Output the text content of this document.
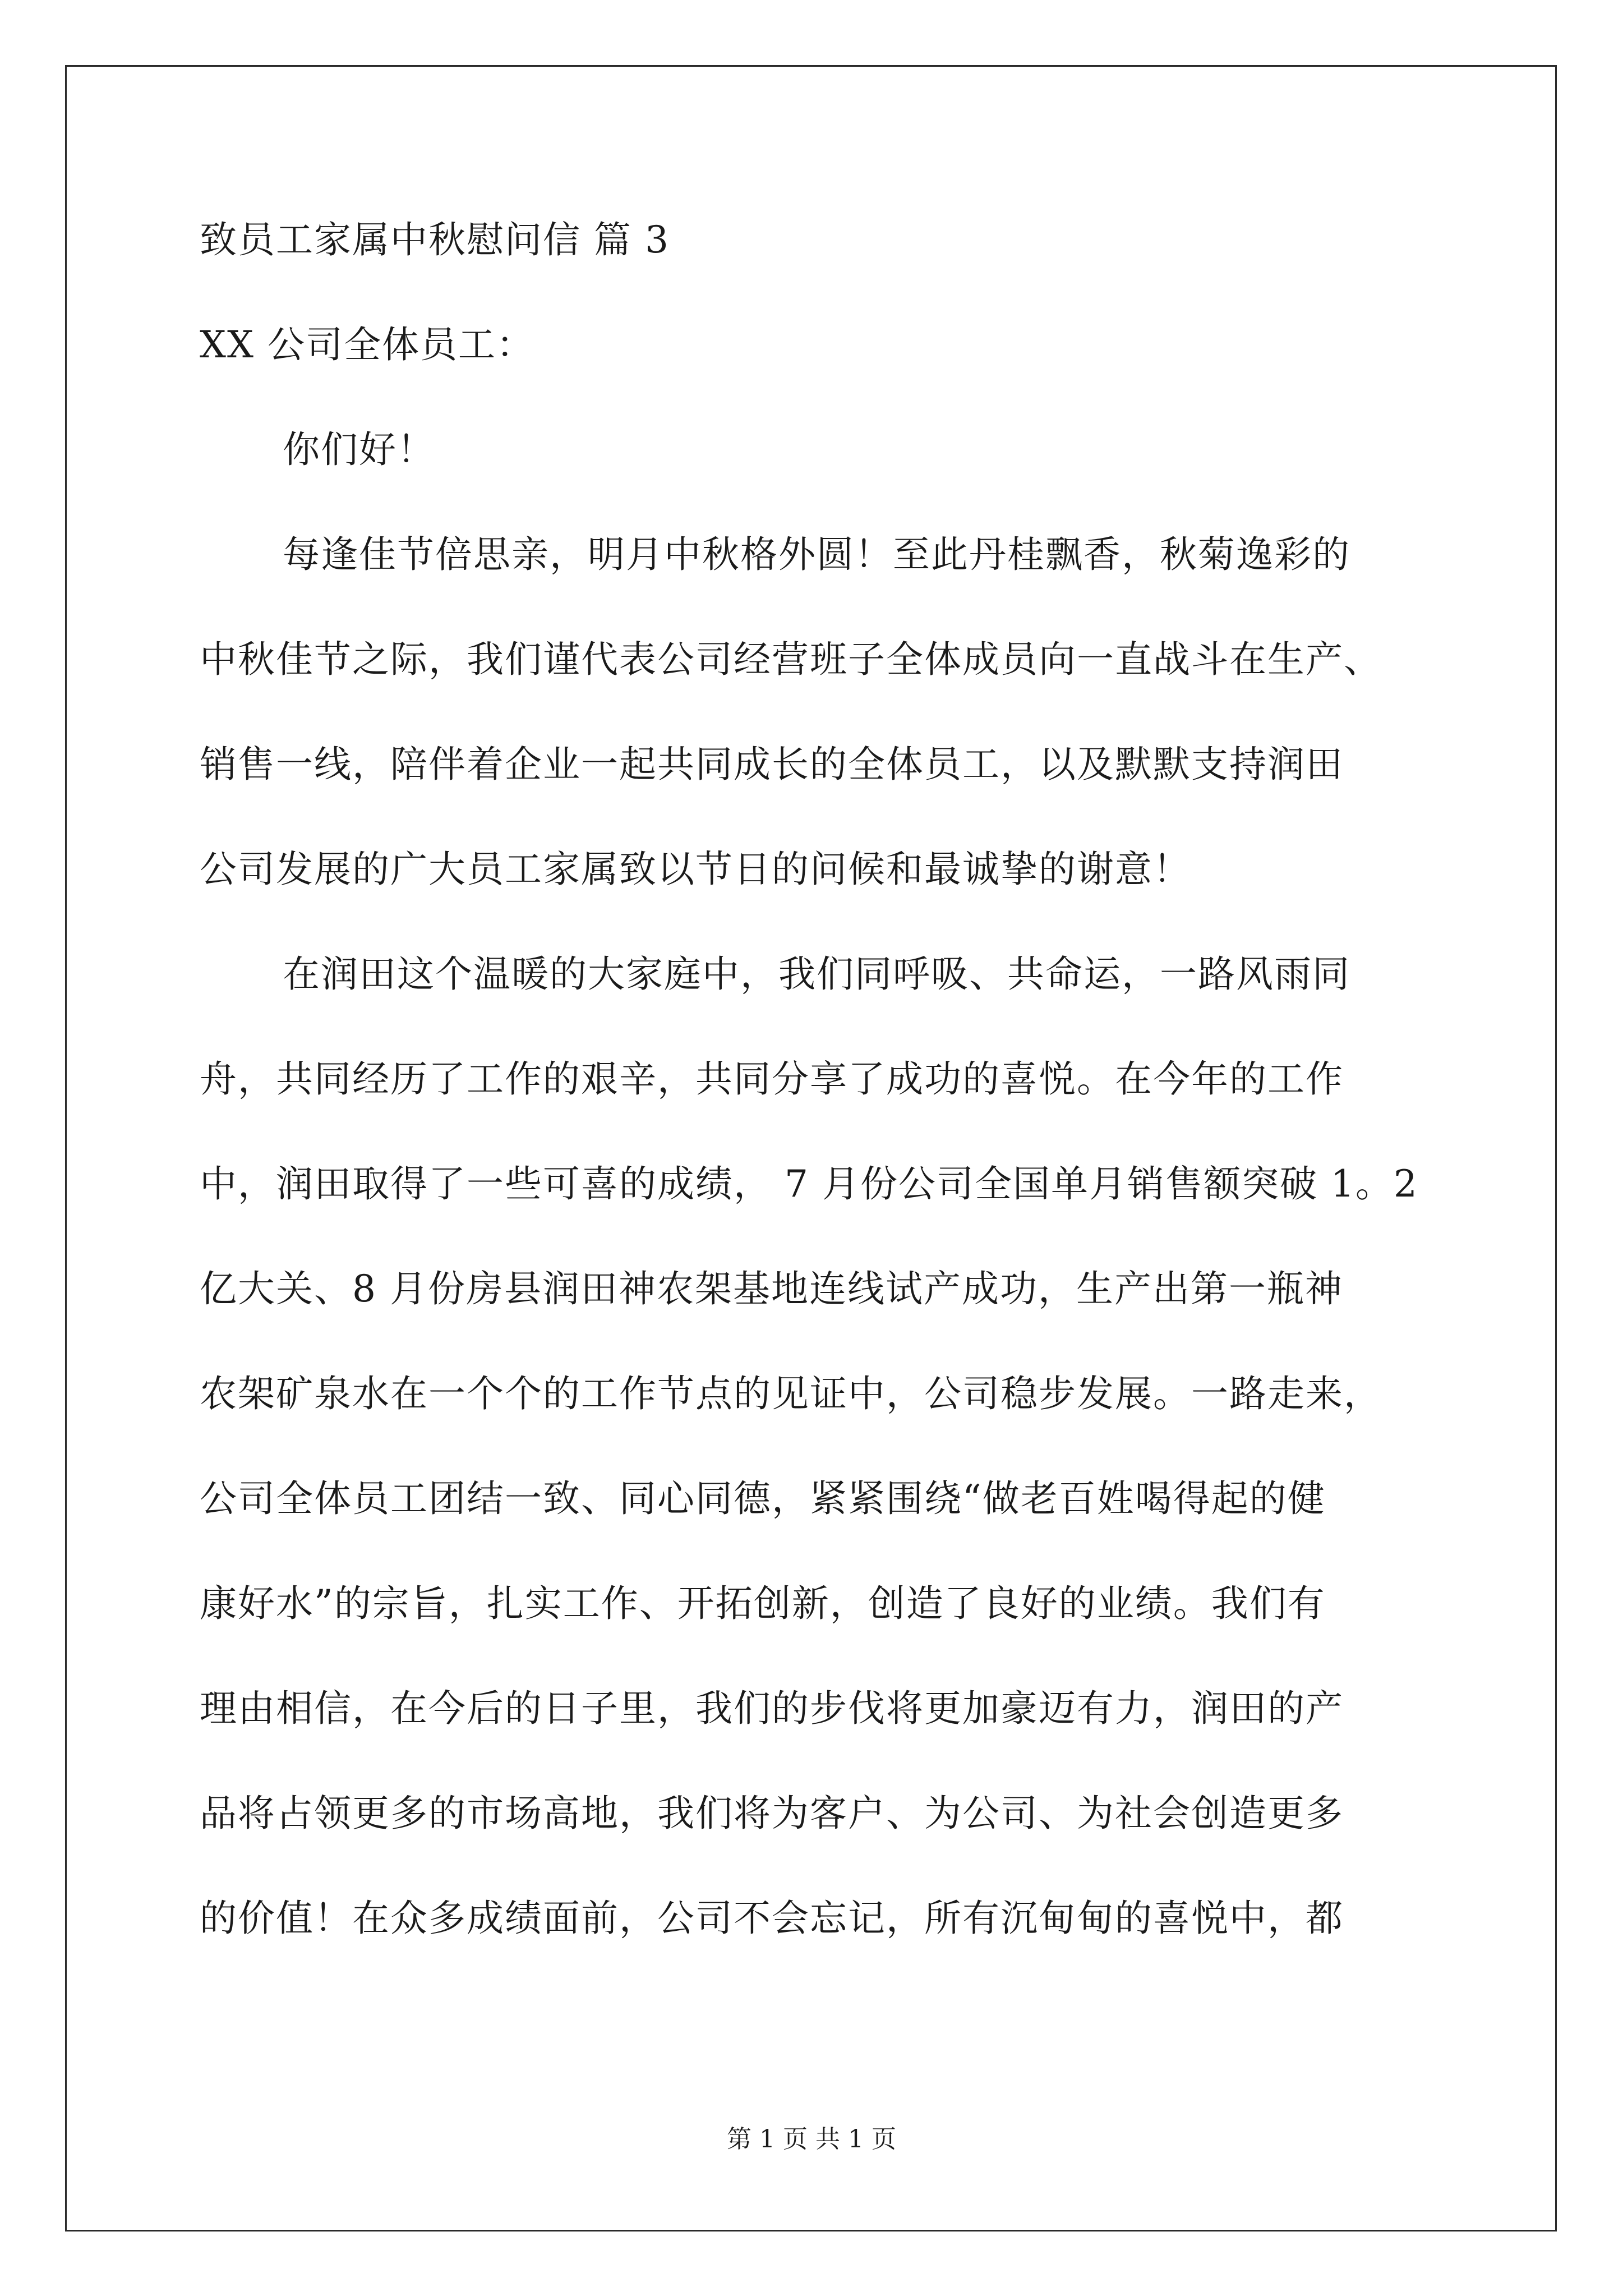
致员工家属中秋慰问信 篇 3
XX 公司全体员工：
你们好！
每逢佳节倍思亲，明月中秋格外圆！至此丹桂飘香，秋菊逸彩的
中秋佳节之际，我们谨代表公司经营班子全体成员向一直战斗在生产、
销售一线，陪伴着企业一起共同成长的全体员工，以及默默支持润田
公司发展的广大员工家属致以节日的问候和最诚挚的谢意！
在润田这个温暖的大家庭中，我们同呼吸、共命运，一路风雨同
舟，共同经历了工作的艰辛，共同分享了成功的喜悦。在今年的工作
中，润田取得了一些可喜的成绩， 7 月份公司全国单月销售额突破 1。2
亿大关、8 月份房县润田神农架基地连线试产成功，生产出第一瓶神
农架矿泉水在一个个的工作节点的见证中，公司稳步发展。一路走来，
公司全体员工团结一致、同心同德，紧紧围绕“做老百姓喝得起的健
康好水”的宗旨，扎实工作、开拓创新，创造了良好的业绩。我们有
理由相信，在今后的日子里，我们的步伐将更加豪迈有力，润田的产
品将占领更多的市场高地，我们将为客户、为公司、为社会创造更多
的价值！在众多成绩面前，公司不会忘记，所有沉甸甸的喜悦中，都
第 1 页 共 1 页
